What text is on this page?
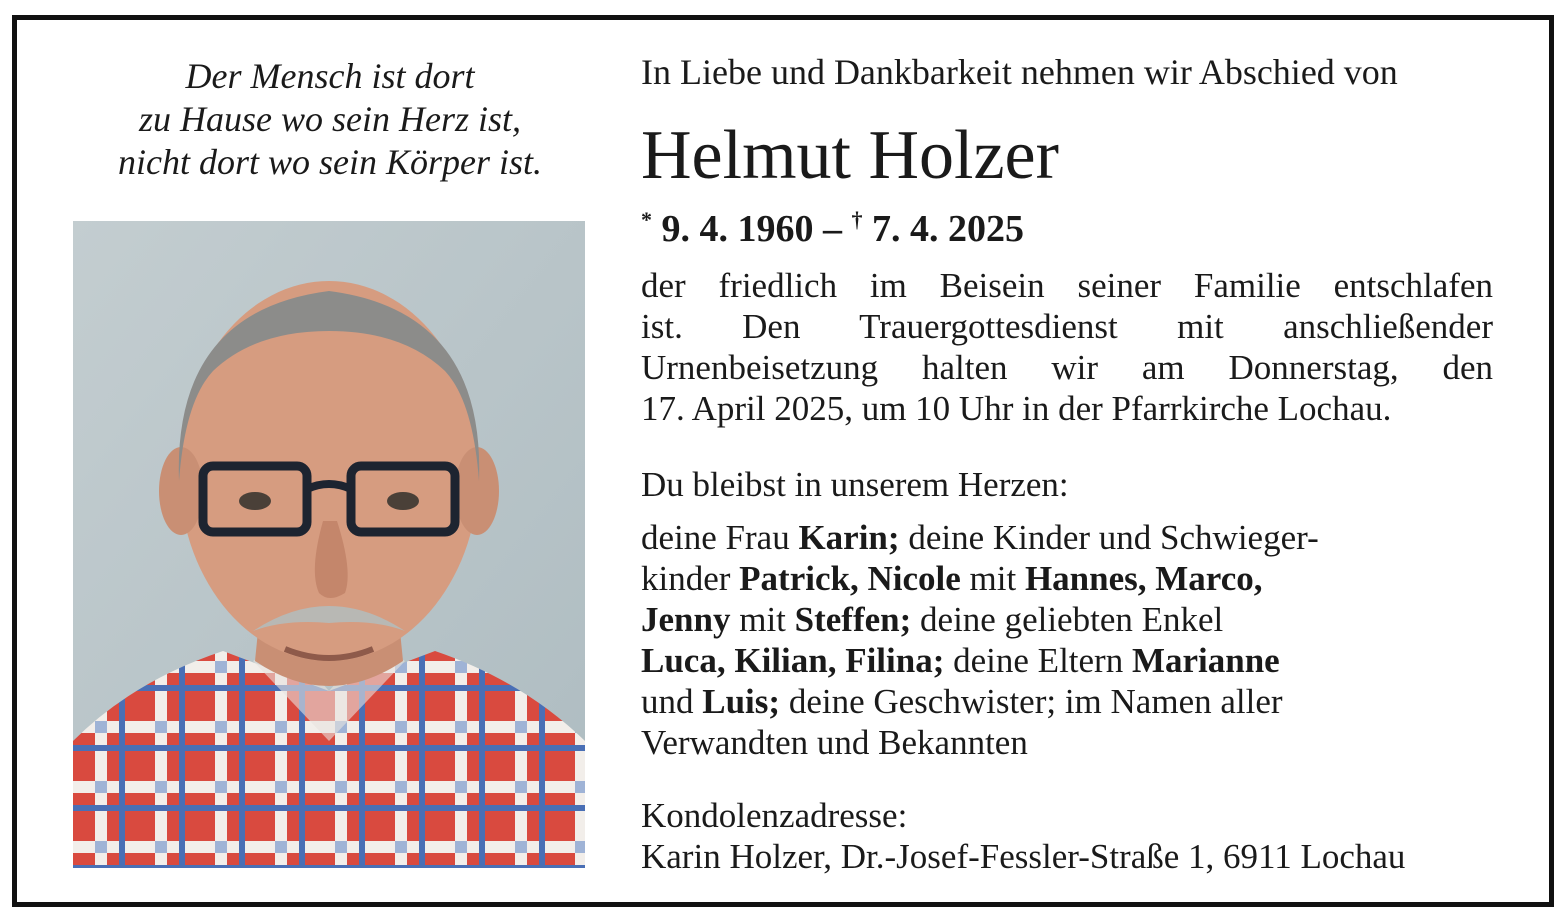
Der Mensch ist dort
zu Hause wo sein Herz ist,
nicht dort wo sein Körper ist.
In Liebe und Dankbarkeit nehmen wir Abschied von
Helmut Holzer
* 9. 4. 1960 – † 7. 4. 2025
der friedlich im Beisein seiner Familie entschlafen
ist. Den Trauergottesdienst mit anschließender
Urnenbeisetzung halten wir am Donnerstag, den
17. April 2025, um 10 Uhr in der Pfarrkirche Lochau.
Du bleibst in unserem Herzen:
deine Frau Karin; deine Kinder und Schwieger-
kinder Patrick, Nicole mit Hannes, Marco,
Jenny mit Steffen; deine geliebten Enkel
Luca, Kilian, Filina; deine Eltern Marianne
und Luis; deine Geschwister; im Namen aller
Verwandten und Bekannten
Kondolenzadresse:
Karin Holzer, Dr.-Josef-Fessler-Straße 1, 6911 Lochau
